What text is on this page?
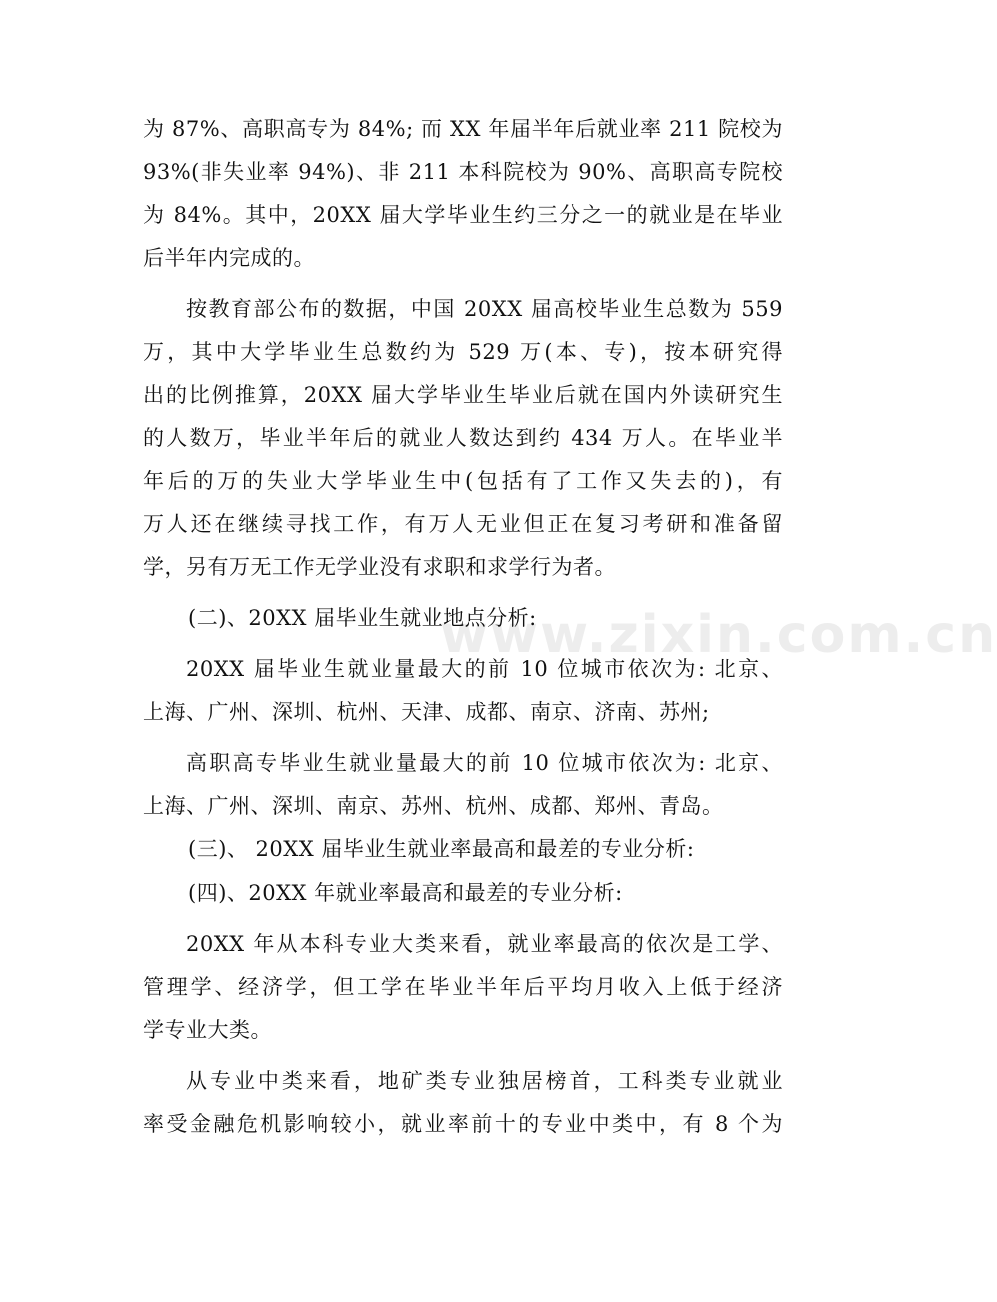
www.zixin.com.cn
为 87%、高职高专为 84%; 而 XX 年届半年后就业率 211 院校为
93%(非失业率 94%)、非 211 本科院校为 90%、高职高专院校
为 84%。其中，20XX 届大学毕业生约三分之一的就业是在毕业
后半年内完成的。
按教育部公布的数据，中国 20XX 届高校毕业生总数为 559
万，其中大学毕业生总数约为 529 万(本、专)，按本研究得
出的比例推算，20XX 届大学毕业生毕业后就在国内外读研究生
的人数万，毕业半年后的就业人数达到约 434 万人。在毕业半
年后的万的失业大学毕业生中(包括有了工作又失去的)，有
万人还在继续寻找工作，有万人无业但正在复习考研和准备留
学，另有万无工作无学业没有求职和求学行为者。
(二)、20XX 届毕业生就业地点分析:
20XX 届毕业生就业量最大的前 10 位城市依次为: 北京、
上海、广州、深圳、杭州、天津、成都、南京、济南、苏州;
高职高专毕业生就业量最大的前 10 位城市依次为: 北京、
上海、广州、深圳、南京、苏州、杭州、成都、郑州、青岛。
(三)、 20XX 届毕业生就业率最高和最差的专业分析:
(四)、20XX 年就业率最高和最差的专业分析:
20XX 年从本科专业大类来看，就业率最高的依次是工学、
管理学、经济学，但工学在毕业半年后平均月收入上低于经济
学专业大类。
从专业中类来看，地矿类专业独居榜首，工科类专业就业
率受金融危机影响较小，就业率前十的专业中类中，有 8 个为
